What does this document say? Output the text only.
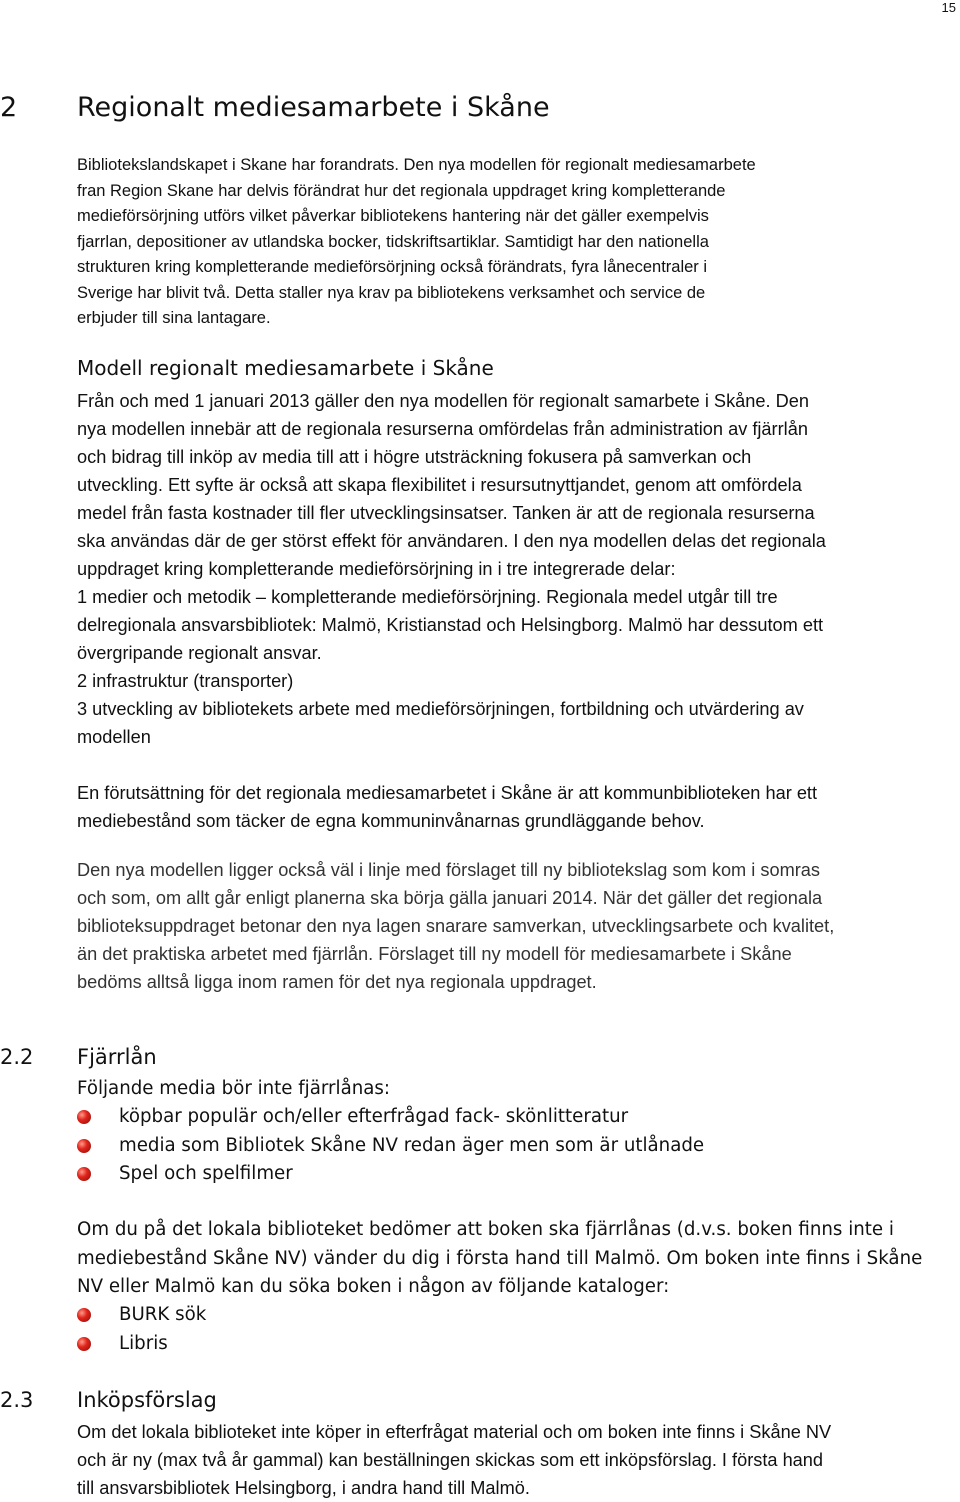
15
2 Regionalt mediesamarbete i Skåne
Bibliotekslandskapet i Skane har forandrats. Den nya modellen för regionalt mediesamarbete
fran Region Skane har delvis förändrat hur det regionala uppdraget kring kompletterande
medieförsörjning utförs vilket påverkar bibliotekens hantering när det gäller exempelvis
fjarrlan, depositioner av utlandska bocker, tidskriftsartiklar. Samtidigt har den nationella
strukturen kring kompletterande medieförsörjning också förändrats, fyra lånecentraler i
Sverige har blivit två. Detta staller nya krav pa bibliotekens verksamhet och service de
erbjuder till sina lantagare.
Modell regionalt mediesamarbete i Skåne
Från och med 1 januari 2013 gäller den nya modellen för regionalt samarbete i Skåne. Den
nya modellen innebär att de regionala resurserna omfördelas från administration av fjärrlån
och bidrag till inköp av media till att i högre utsträckning fokusera på samverkan och
utveckling. Ett syfte är också att skapa flexibilitet i resursutnyttjandet, genom att omfördela
medel från fasta kostnader till fler utvecklingsinsatser. Tanken är att de regionala resurserna
ska användas där de ger störst effekt för användaren. I den nya modellen delas det regionala
uppdraget kring kompletterande medieförsörjning in i tre integrerade delar:
1 medier och metodik – kompletterande medieförsörjning. Regionala medel utgår till tre
delregionala ansvarsbibliotek: Malmö, Kristianstad och Helsingborg. Malmö har dessutom ett
övergripande regionalt ansvar.
2 infrastruktur (transporter)
3 utveckling av bibliotekets arbete med medieförsörjningen, fortbildning och utvärdering av
modellen
En förutsättning för det regionala mediesamarbetet i Skåne är att kommunbiblioteken har ett
mediebestånd som täcker de egna kommuninvånarnas grundläggande behov.
Den nya modellen ligger också väl i linje med förslaget till ny bibliotekslag som kom i somras
och som, om allt går enligt planerna ska börja gälla januari 2014. När det gäller det regionala
biblioteksuppdraget betonar den nya lagen snarare samverkan, utvecklingsarbete och kvalitet,
än det praktiska arbetet med fjärrlån. Förslaget till ny modell för mediesamarbete i Skåne
bedöms alltså ligga inom ramen för det nya regionala uppdraget.
2.2 Fjärrlån
Följande media bör inte fjärrlånas:
köpbar populär och/eller efterfrågad fack- skönlitteratur
media som Bibliotek Skåne NV redan äger men som är utlånade
Spel och spelfilmer
Om du på det lokala biblioteket bedömer att boken ska fjärrlånas (d.v.s. boken finns inte i
mediebestånd Skåne NV) vänder du dig i första hand till Malmö. Om boken inte finns i Skåne
NV eller Malmö kan du söka boken i någon av följande kataloger:
BURK sök
Libris
2.3 Inköpsförslag
Om det lokala biblioteket inte köper in efterfrågat material och om boken inte finns i Skåne NV
och är ny (max två år gammal) kan beställningen skickas som ett inköpsförslag. I första hand
till ansvarsbibliotek Helsingborg, i andra hand till Malmö.
